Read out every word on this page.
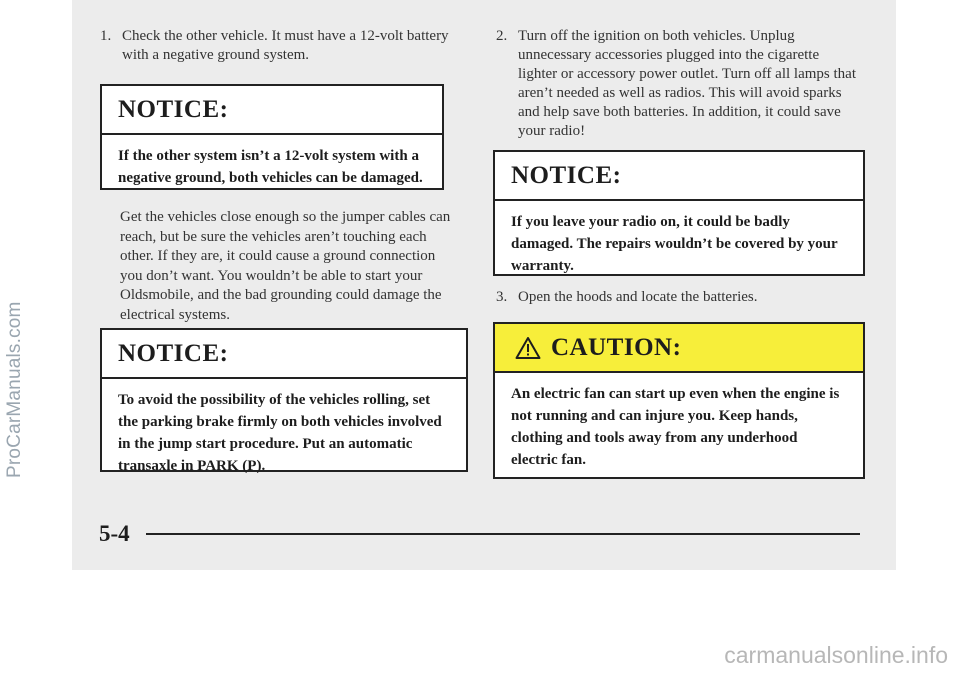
1. Check the other vehicle. It must have a 12-volt battery with a negative ground system.
NOTICE:
If the other system isn’t a 12-volt system with a negative ground, both vehicles can be damaged.
Get the vehicles close enough so the jumper cables can reach, but be sure the vehicles aren’t touching each other. If they are, it could cause a ground connection you don’t want. You wouldn’t be able to start your Oldsmobile, and the bad grounding could damage the electrical systems.
NOTICE:
To avoid the possibility of the vehicles rolling, set the parking brake firmly on both vehicles involved in the jump start procedure. Put an automatic transaxle in PARK (P).
2. Turn off the ignition on both vehicles. Unplug unnecessary accessories plugged into the cigarette lighter or accessory power outlet. Turn off all lamps that aren’t needed as well as radios. This will avoid sparks and help save both batteries. In addition, it could save your radio!
NOTICE:
If you leave your radio on, it could be badly damaged. The repairs wouldn’t be covered by your warranty.
3. Open the hoods and locate the batteries.
CAUTION:
An electric fan can start up even when the engine is not running and can injure you. Keep hands, clothing and tools away from any underhood electric fan.
5-4
ProCarManuals.com
carmanualsonline.info
